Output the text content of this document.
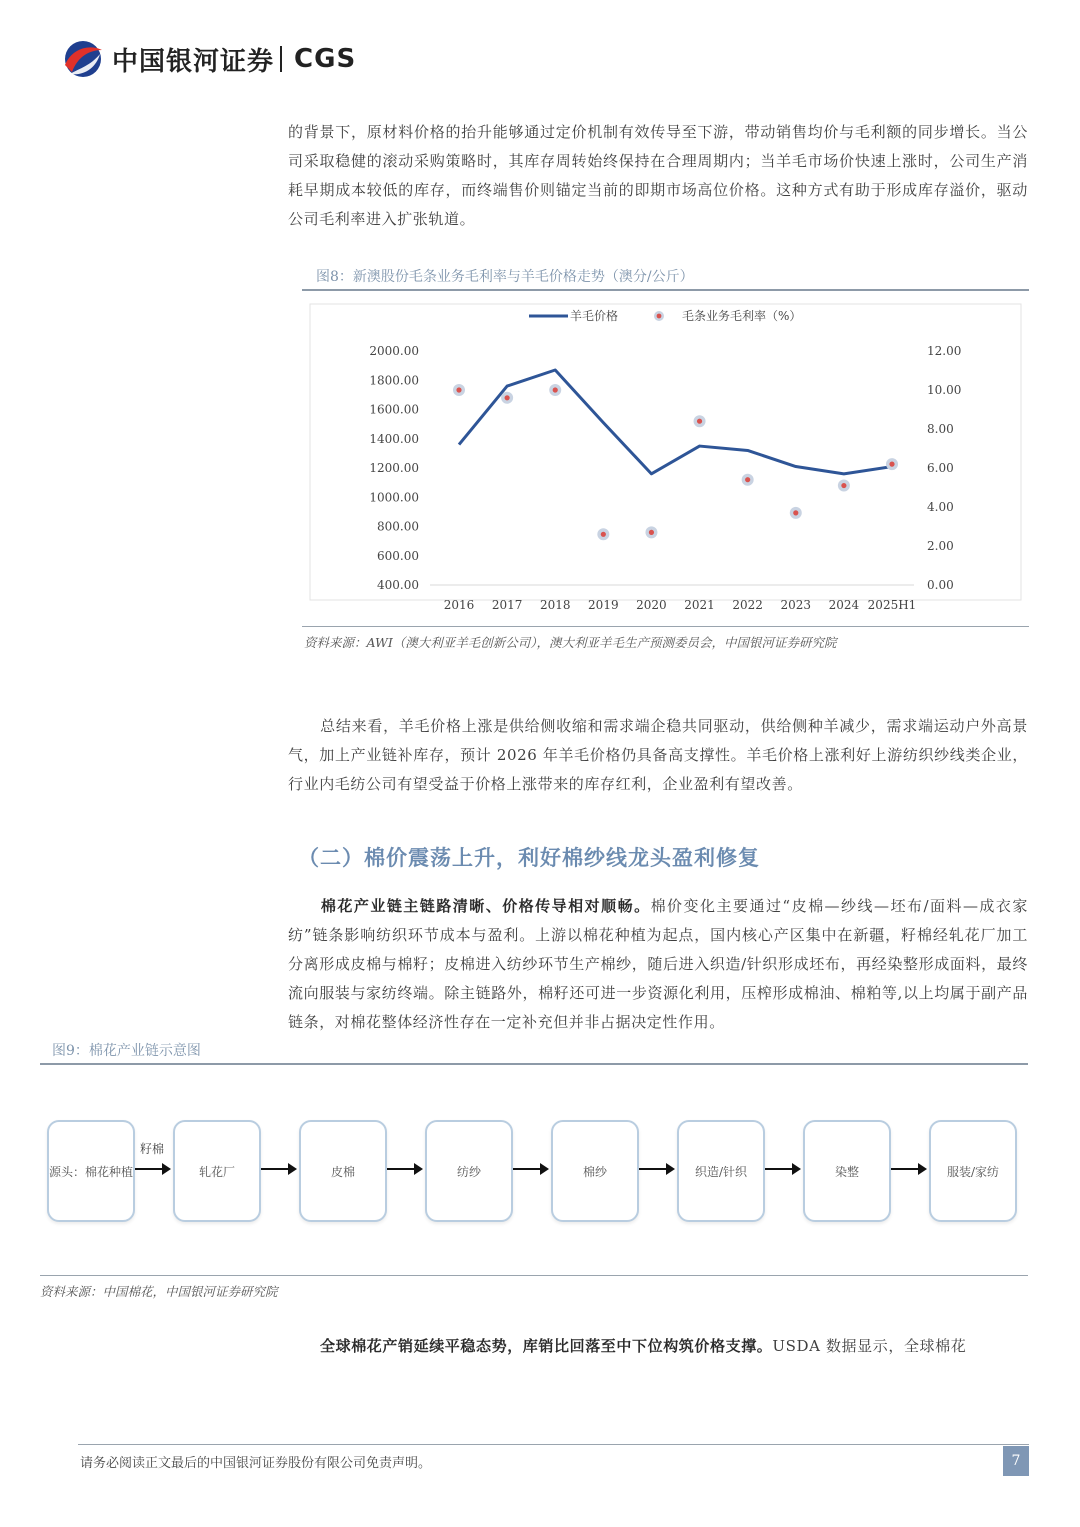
中国银河证券 CGS

的背景下，原材料价格的抬升能够通过定价机制有效传导至下游，带动销售均价与毛利额的同步增长。当公司采取稳健的滚动采购策略时，其库存周转始终保持在合理周期内；当羊毛市场价快速上涨时，公司生产消耗早期成本较低的库存，而终端售价则锚定当前的即期市场高位价格。这种方式有助于形成库存溢价，驱动公司毛利率进入扩张轨道。

图8：新澳股份毛条业务毛利率与羊毛价格走势（澳分/公斤）

羊毛价格	毛条业务毛利率（%）
2000.00
1800.00
1600.00
1400.00
1200.00
1000.00
800.00
600.00
400.00
12.00
10.00
8.00
6.00
4.00
2.00
0.00
2016 2017 2018 2019 2020 2021 2022 2023 2024 2025H1

资料来源：AWI（澳大利亚羊毛创新公司），澳大利亚羊毛生产预测委员会，中国银河证券研究院

总结来看，羊毛价格上涨是供给侧收缩和需求端企稳共同驱动，供给侧种羊减少，需求端运动户外高景气，加上产业链补库存，预计 2026 年羊毛价格仍具备高支撑性。羊毛价格上涨利好上游纺织纱线类企业，行业内毛纺公司有望受益于价格上涨带来的库存红利，企业盈利有望改善。

（二）棉价震荡上升，利好棉纱线龙头盈利修复

棉花产业链主链路清晰、价格传导相对顺畅。棉价变化主要通过“皮棉—纱线—坯布/面料—成衣家纺”链条影响纺织环节成本与盈利。上游以棉花种植为起点，国内核心产区集中在新疆，籽棉经轧花厂加工分离形成皮棉与棉籽；皮棉进入纺纱环节生产棉纱，随后进入织造/针织形成坯布，再经染整形成面料，最终流向服装与家纺终端。除主链路外，棉籽还可进一步资源化利用，压榨形成棉油、棉粕等,以上均属于副产品链条，对棉花整体经济性存在一定补充但并非占据决定性作用。

图9：棉花产业链示意图

源头：棉花种植
籽棉
轧花厂	皮棉	纺纱	棉纱	织造/针织	染整	服装/家纺

资料来源：中国棉花，中国银河证券研究院

全球棉花产销延续平稳态势，库销比回落至中下位构筑价格支撑。USDA 数据显示，全球棉花

请务必阅读正文最后的中国银河证券股份有限公司免责声明。	7
